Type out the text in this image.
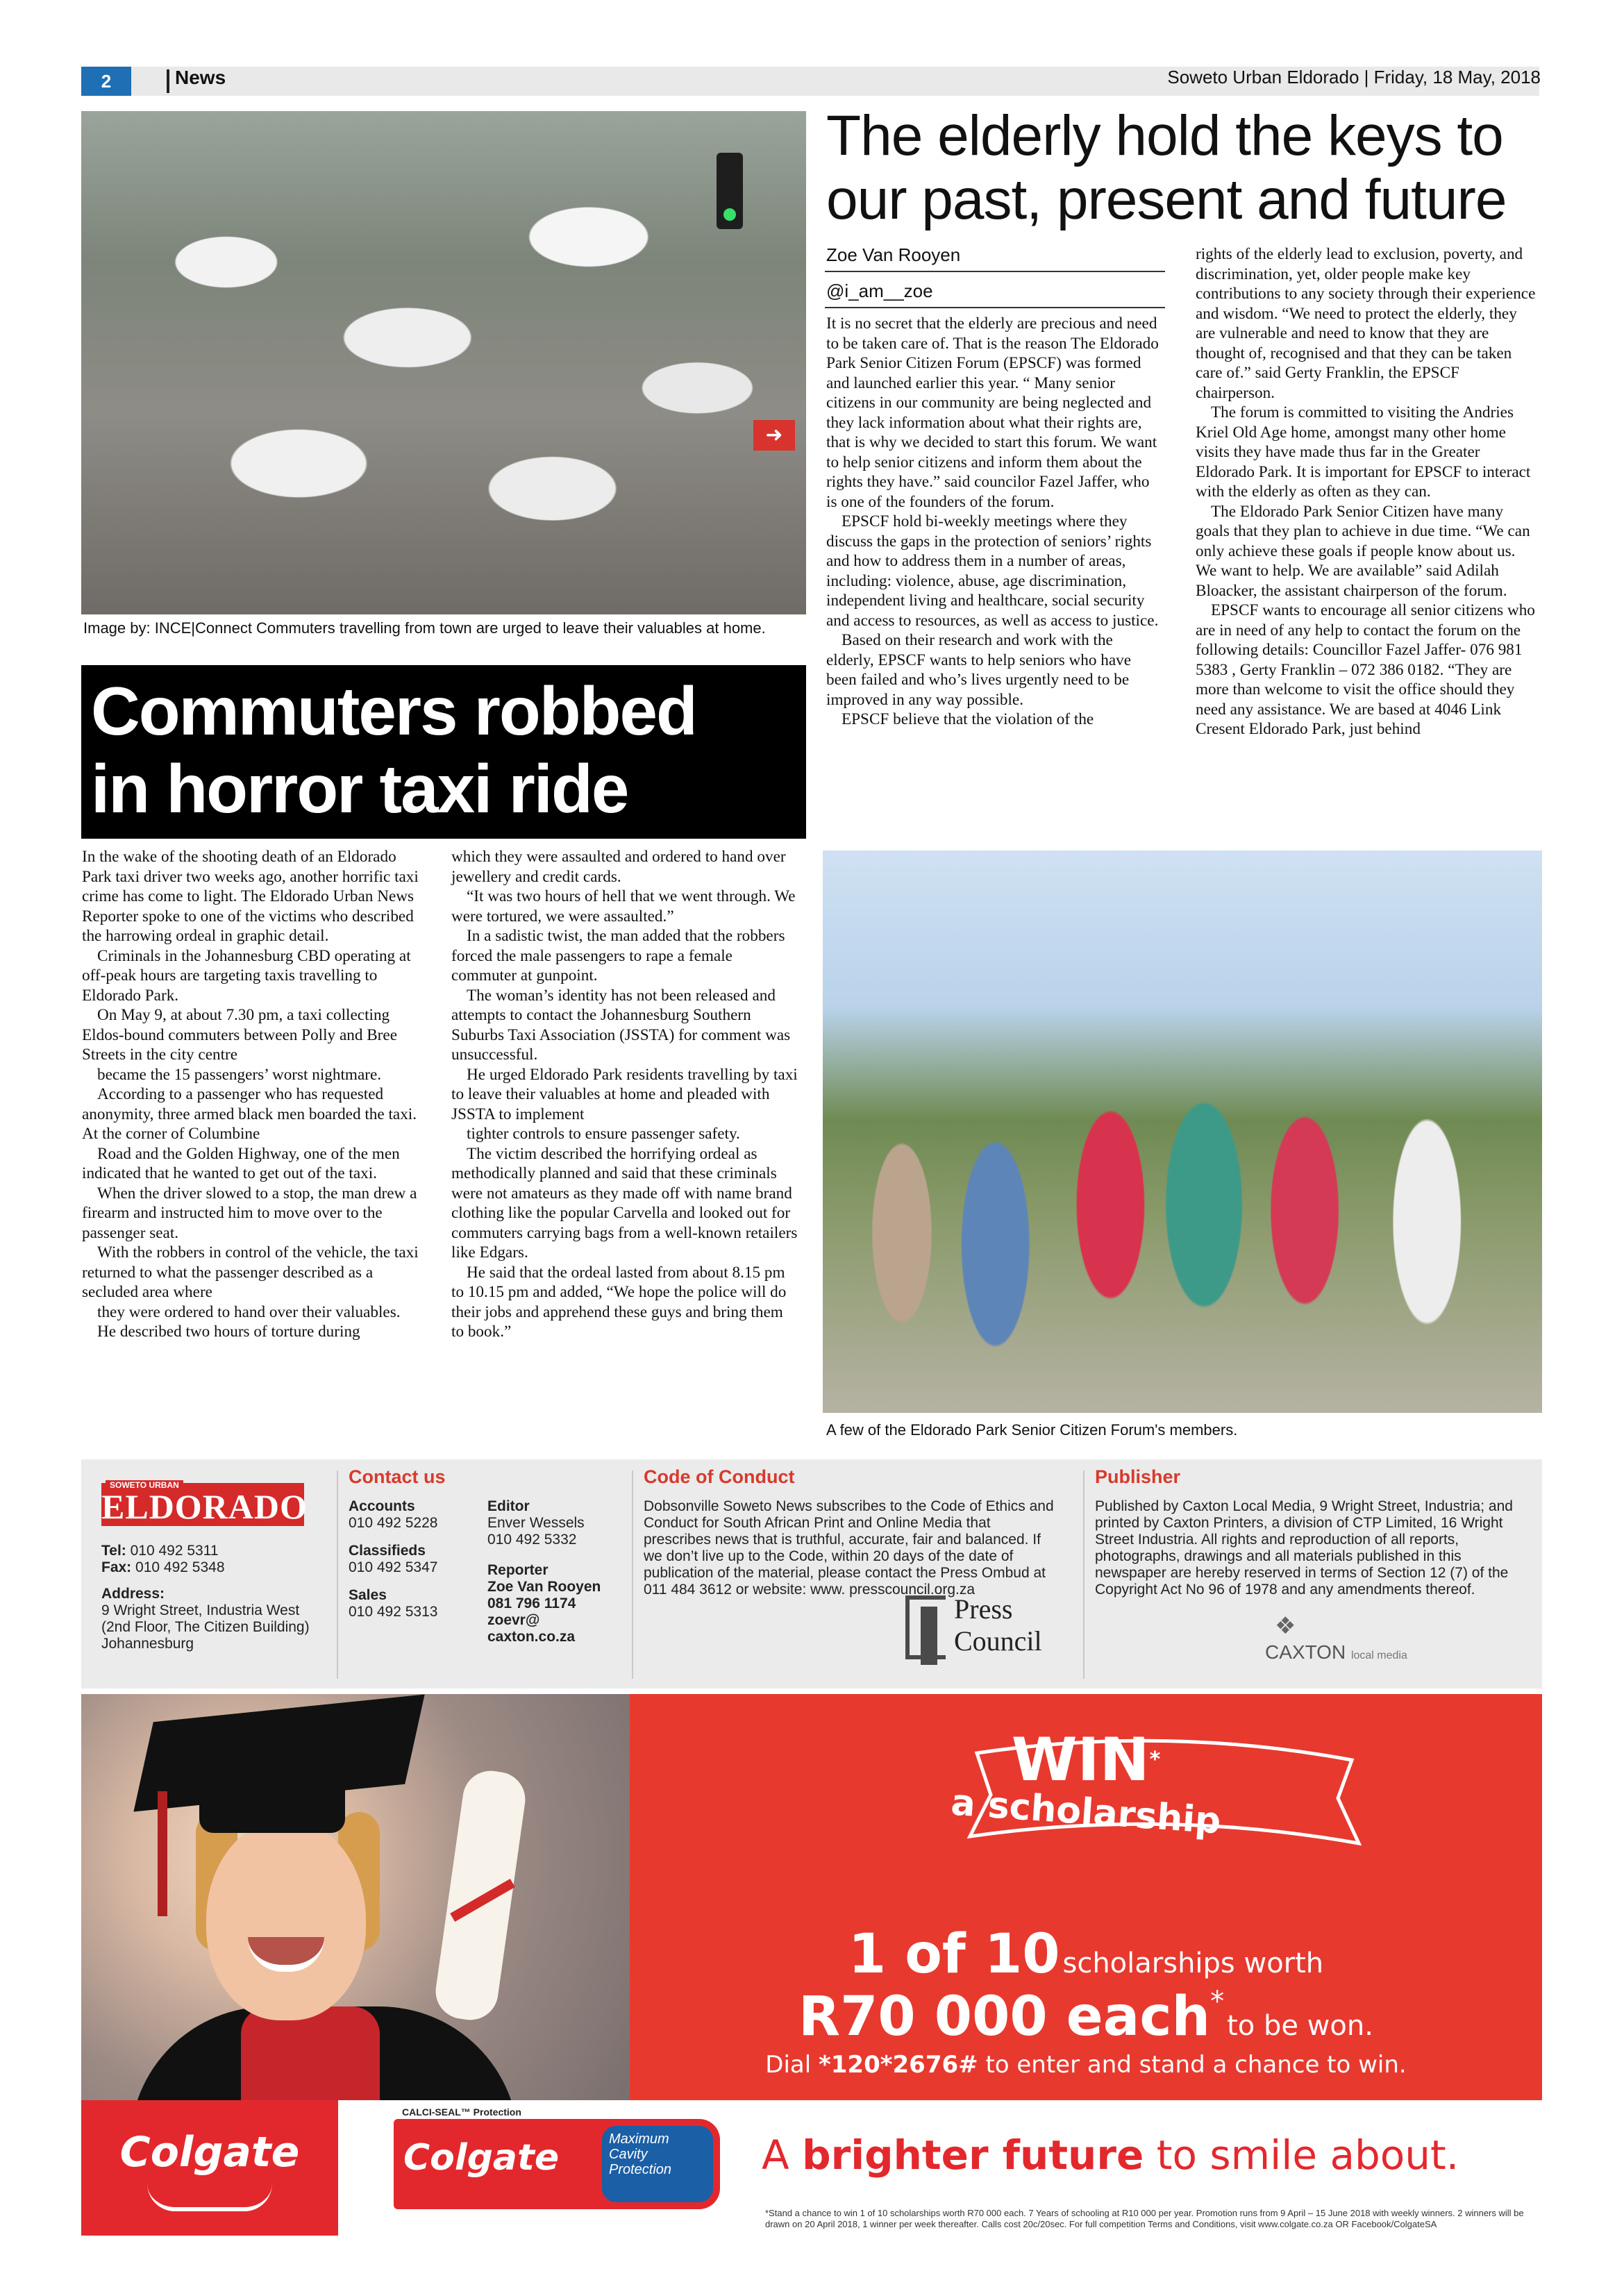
2	News	Soweto Urban Eldorado | Friday, 18 May, 2018
➜
Image by: INCE|Connect Commuters travelling from town are urged to leave their valuables at home.
Commuters robbed
in horror taxi ride

In the wake of the shooting death of an Eldorado Park taxi driver two weeks ago, another horrific taxi crime has come to light. The Eldorado Urban News Reporter spoke to one of the victims who described the harrowing ordeal in graphic detail.

Criminals in the Johannesburg CBD operating at off-peak hours are targeting taxis travelling to Eldorado Park.

On May 9, at about 7.30 pm, a taxi collecting Eldos-bound commuters between Polly and Bree Streets in the city centre

became the 15 passengers’ worst nightmare.

According to a passenger who has requested anonymity, three armed black men boarded the taxi. At the corner of Columbine

Road and the Golden Highway, one of the men indicated that he wanted to get out of the taxi.

When the driver slowed to a stop, the man drew a firearm and instructed him to move over to the passenger seat.

With the robbers in control of the vehicle, the taxi returned to what the passenger described as a secluded area where

they were ordered to hand over their valuables.

He described two hours of torture during

which they were assaulted and ordered to hand over jewellery and credit cards.

“It was two hours of hell that we went through. We were tortured, we were assaulted.”

In a sadistic twist, the man added that the robbers forced the male passengers to rape a female commuter at gunpoint.

The woman’s identity has not been released and attempts to contact the Johannesburg Southern Suburbs Taxi Association (JSSTA) for comment was unsuccessful.

He urged Eldorado Park residents travelling by taxi to leave their valuables at home and pleaded with JSSTA to implement

tighter controls to ensure passenger safety.

The victim described the horrifying ordeal as methodically planned and said that these criminals were not amateurs as they made off with name brand clothing like the popular Carvella and looked out for commuters carrying bags from a well-known retailers like Edgars.

He said that the ordeal lasted from about 8.15 pm to 10.15 pm and added, “We hope the police will do their jobs and apprehend these guys and bring them to book.”

The elderly hold the keys to our past, present and future
Zoe Van Rooyen
@i_am__zoe

It is no secret that the elderly are precious and need to be taken care of. That is the reason The Eldorado Park Senior Citizen Forum (EPSCF) was formed and launched earlier this year. “ Many senior citizens in our community are being neglected and they lack information about what their rights are, that is why we decided to start this forum. We want to help senior citizens and inform them about the rights they have.” said councilor Fazel Jaffer, who is one of the founders of the forum.

EPSCF hold bi-weekly meetings where they discuss the gaps in the protection of seniors’ rights and how to address them in a number of areas, including: violence, abuse, age discrimination, independent living and healthcare, social security and access to resources, as well as access to justice.

Based on their research and work with the elderly, EPSCF wants to help seniors who have been failed and who’s lives urgently need to be improved in any way possible.

EPSCF believe that the violation of the

rights of the elderly lead to exclusion, poverty, and discrimination, yet, older people make key contributions to any society through their experience and wisdom. “We need to protect the elderly, they are vulnerable and need to know that they are thought of, recognised and that they can be taken care of.” said Gerty Franklin, the EPSCF chairperson.

The forum is committed to visiting the Andries Kriel Old Age home, amongst many other home visits they have made thus far in the Greater Eldorado Park. It is important for EPSCF to interact with the elderly as often as they can.

The Eldorado Park Senior Citizen have many goals that they plan to achieve in due time. “We can only achieve these goals if people know about us. We want to help. We are available” said Adilah Bloacker, the assistant chairperson of the forum.

EPSCF wants to encourage all senior citizens who are in need of any help to contact the forum on the following details: Councillor Fazel Jaffer- 076 981 5383 , Gerty Franklin – 072 386 0182. “They are more than welcome to visit the office should they need any assistance. We are based at 4046 Link Cresent Eldorado Park, just behind

A few of the Eldorado Park Senior Citizen Forum's members.
SOWETO URBAN
ELDORADO
Tel: 010 492 5311
Fax: 010 492 5348
Address:
9 Wright Street, Industria West (2nd Floor, The Citizen Building) Johannesburg
Contact us
Accounts
010 492 5228
Classifieds
010 492 5347
Sales
010 492 5313
Editor
Enver Wessels
010 492 5332
Reporter
Zoe Van Rooyen
081 796 1174
zoevr@
caxton.co.za
Code of Conduct
Dobsonville Soweto News subscribes to the Code of Ethics and Conduct for South African Print and Online Media that prescribes news that is truthful, accurate, fair and balanced. If we don’t live up to the Code, within 20 days of the date of publication of the material, please contact the Press Ombud at 011 484 3612 or website: www. presscouncil.org.za
Press
Council
Publisher
Published by Caxton Local Media, 9 Wright Street, Industria; and printed by Caxton Printers, a division of CTP Limited, 16 Wright Street Industria. All rights and reproduction of all reports, photographs, drawings and all materials published in this newspaper are hereby reserved in terms of Section 12 (7) of the Copyright Act No 96 of 1978 and any amendments thereof.
❖
CAXTON local media
WIN*
a scholarship
1 of 10 scholarships worth
R70 000 each* to be won.
Dial *120*2676# to enter and stand a chance to win.
Colgate
CALCI-SEAL™ Protection
Colgate	Maximum Cavity Protection	A brighter future to smile about.
*Stand a chance to win 1 of 10 scholarships worth R70 000 each. 7 Years of schooling at R10 000 per year. Promotion runs from 9 April – 15 June 2018 with weekly winners. 2 winners will be drawn on 20 April 2018, 1 winner per week thereafter. Calls cost 20c/20sec. For full competition Terms and Conditions, visit www.colgate.co.za OR Facebook/ColgateSA
